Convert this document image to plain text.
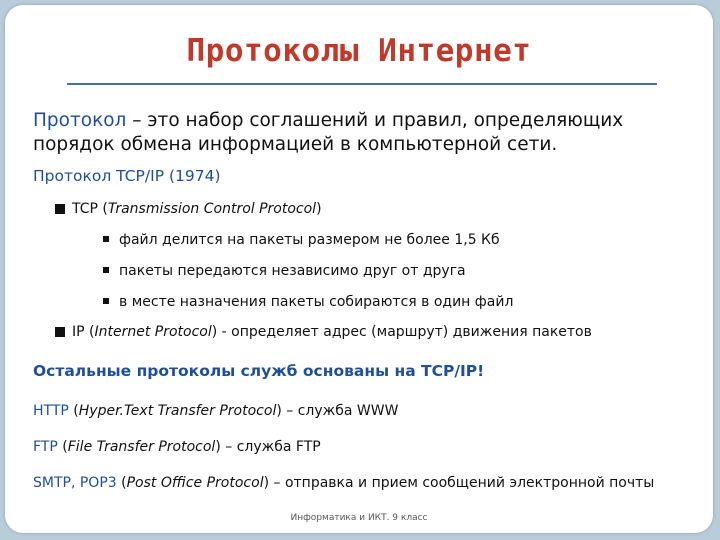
Протоколы Интернет
Протокол – это набор соглашений и правил, определяющих
порядок обмена информацией в компьютерной сети.
Протокол TCP/IP (1974)
TCP (Transmission Control Protocol)
файл делится на пакеты размером не более 1,5 Кб
пакеты передаются независимо друг от друга
в месте назначения пакеты собираются в один файл
IP (Internet Protocol) - определяет адрес (маршрут) движения пакетов
Остальные протоколы служб основаны на TCP/IP!
HTTP (Hyper.Text Transfer Protocol) – служба WWW
FTP (File Transfer Protocol) – служба FTP
SMTP, POP3 (Post Office Protocol) – отправка и прием сообщений электронной почты
Информатика и ИКТ. 9 класс
